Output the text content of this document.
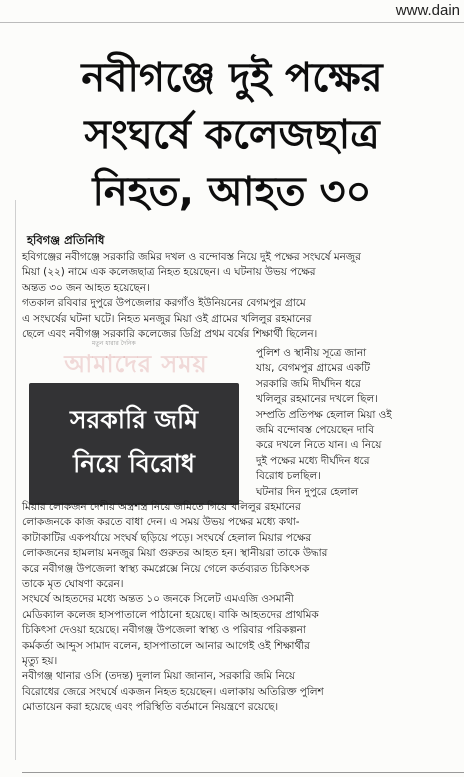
www.dain
নবীগঞ্জে দুই পক্ষের
সংঘর্ষে কলেজছাত্র
নিহত, আহত ৩০
হবিগঞ্জ প্রতিনিধি

হবিগঞ্জের নবীগঞ্জে সরকারি জমির দখল ও বন্দোবস্ত নিয়ে দুই পক্ষের সংঘর্ষে মনজুর

মিয়া (২২) নামে এক কলেজছাত্র নিহত হয়েছেন। এ ঘটনায় উভয় পক্ষের

অন্তত ৩০ জন আহত হয়েছেন।

গতকাল রবিবার দুপুরে উপজেলার করগাঁও ইউনিয়নের বেগমপুর গ্রামে

এ সংঘর্ষের ঘটনা ঘটে। নিহত মনজুর মিয়া ওই গ্রামের খলিলুর রহমানের

ছেলে এবং নবীগঞ্জ সরকারি কলেজের ডিগ্রি প্রথম বর্ষের শিক্ষার্থী ছিলেন।

মতুন ধারার দৈনিক
আমাদের সময়
সরকারি জমি
নিয়ে বিরোধ

পুলিশ ও স্থানীয় সূত্রে জানা

যায়, বেগমপুর গ্রামের একটি

সরকারি জমি দীর্ঘদিন ধরে

খলিলুর রহমানের দখলে ছিল।

সম্প্রতি প্রতিপক্ষ হেলাল মিয়া ওই

জমি বন্দোবস্ত পেয়েছেন দাবি

করে দখলে নিতে যান। এ নিয়ে

দুই পক্ষের মধ্যে দীর্ঘদিন ধরে

বিরোধ চলছিল।

ঘটনার দিন দুপুরে হেলাল

মিয়ার লোকজন দেশীয় অস্ত্রশস্ত্র নিয়ে জমিতে গিয়ে খলিলুর রহমানের

লোকজনকে কাজ করতে বাধা দেন। এ সময় উভয় পক্ষের মধ্যে কথা-

কাটাকাটির একপর্যায়ে সংঘর্ষ ছড়িয়ে পড়ে। সংঘর্ষে হেলাল মিয়ার পক্ষের

লোকজনের হামলায় মনজুর মিয়া গুরুতর আহত হন। স্থানীয়রা তাকে উদ্ধার

করে নবীগঞ্জ উপজেলা স্বাস্থ্য কমপ্লেক্সে নিয়ে গেলে কর্তব্যরত চিকিৎসক

তাকে মৃত ঘোষণা করেন।

সংঘর্ষে আহতদের মধ্যে অন্তত ১০ জনকে সিলেট এমএজি ওসমানী

মেডিক্যাল কলেজ হাসপাতালে পাঠানো হয়েছে। বাকি আহতদের প্রাথমিক

চিকিৎসা দেওয়া হয়েছে। নবীগঞ্জ উপজেলা স্বাস্থ্য ও পরিবার পরিকল্পনা

কর্মকর্তা আব্দুস সামাদ বলেন, হাসপাতালে আনার আগেই ওই শিক্ষার্থীর

মৃত্যু হয়।

নবীগঞ্জ থানার ওসি (তদন্ত) দুলাল মিয়া জানান, সরকারি জমি নিয়ে

বিরোধের জেরে সংঘর্ষে একজন নিহত হয়েছেন। এলাকায় অতিরিক্ত পুলিশ

মোতায়েন করা হয়েছে এবং পরিস্থিতি বর্তমানে নিয়ন্ত্রণে রয়েছে।
